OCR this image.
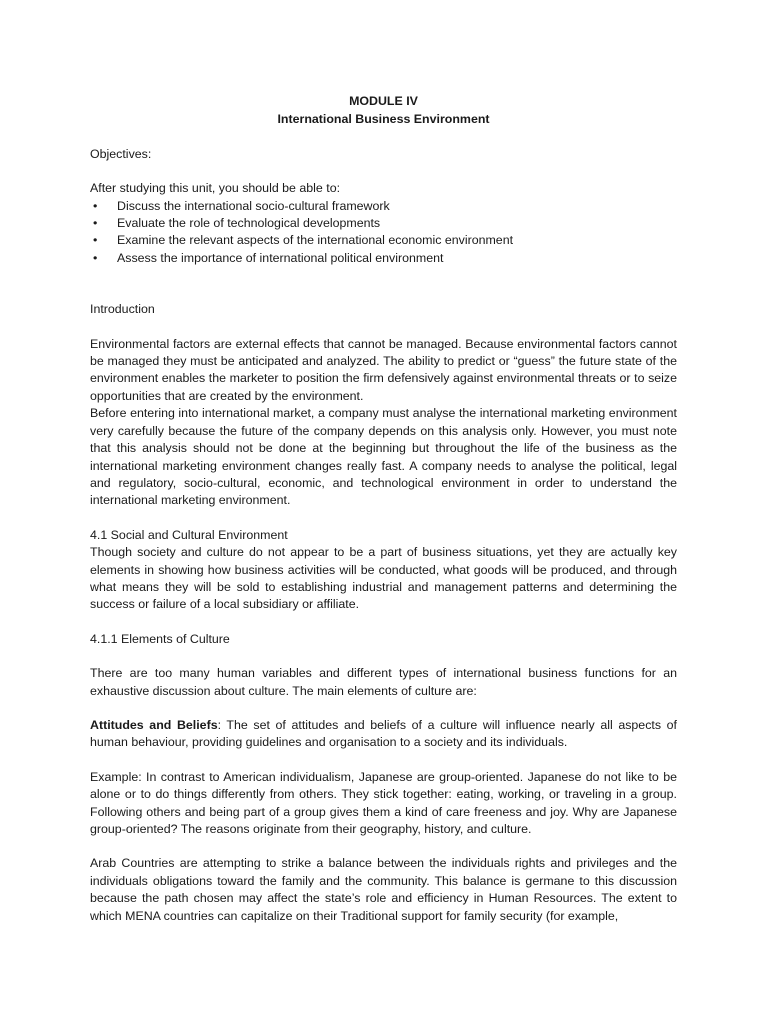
MODULE IV

International Business Environment

Objectives:

After studying this unit, you should be able to:

• Discuss the international socio-cultural framework
• Evaluate the role of technological developments
• Examine the relevant aspects of the international economic environment
• Assess the importance of international political environment

Introduction

Environmental factors are external effects that cannot be managed. Because environmental factors cannot be managed they must be anticipated and analyzed. The ability to predict or “guess” the future state of the environment enables the marketer to position the firm defensively against environmental threats or to seize opportunities that are created by the environment.

Before entering into international market, a company must analyse the international marketing environment very carefully because the future of the company depends on this analysis only. However, you must note that this analysis should not be done at the beginning but throughout the life of the business as the international marketing environment changes really fast. A company needs to analyse the political, legal and regulatory, socio-cultural, economic, and technological environment in order to understand the international marketing environment.

4.1 Social and Cultural Environment

Though society and culture do not appear to be a part of business situations, yet they are actually key elements in showing how business activities will be conducted, what goods will be produced, and through what means they will be sold to establishing industrial and management patterns and determining the success or failure of a local subsidiary or affiliate.

4.1.1 Elements of Culture

There are too many human variables and different types of international business functions for an exhaustive discussion about culture. The main elements of culture are:

Attitudes and Beliefs: The set of attitudes and beliefs of a culture will influence nearly all aspects of human behaviour, providing guidelines and organisation to a society and its individuals.

Example: In contrast to American individualism, Japanese are group-oriented. Japanese do not like to be alone or to do things differently from others. They stick together: eating, working, or traveling in a group. Following others and being part of a group gives them a kind of care freeness and joy. Why are Japanese group-oriented? The reasons originate from their geography, history, and culture.

Arab Countries are attempting to strike a balance between the individuals rights and privileges and the individuals obligations toward the family and the community. This balance is germane to this discussion because the path chosen may affect the state’s role and efficiency in Human Resources. The extent to which MENA countries can capitalize on their Traditional support for family security (for example,
